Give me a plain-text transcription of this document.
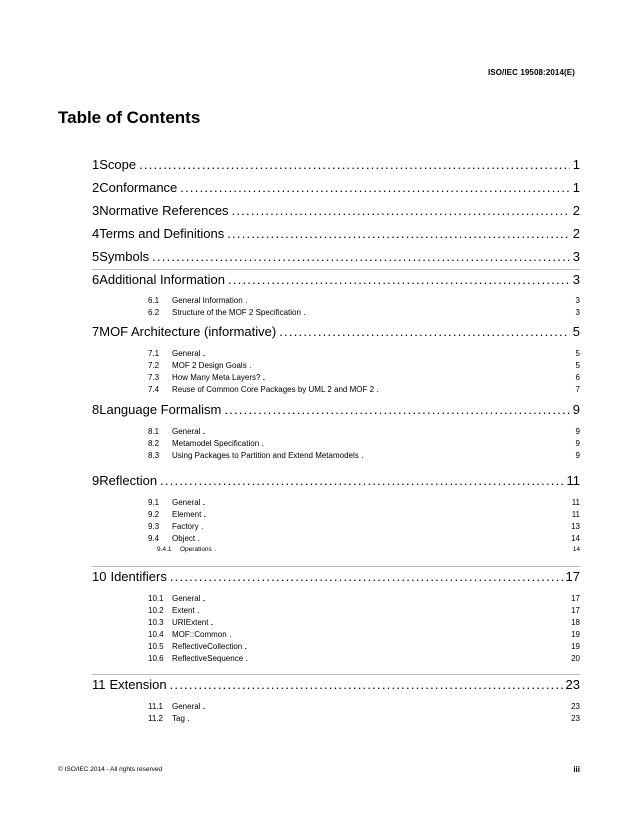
ISO/IEC 19508:2014(E)
Table of Contents
1 Scope . . .	1
2 Conformance . . .	1
3 Normative References . . .	2
4 Terms and Definitions . . .	2
5 Symbols . . .	3
6 Additional Information . . .	3
6.1	General Information . . .	3
6.2	Structure of the MOF 2 Specification . . .	3
7 MOF Architecture (informative) . . .	5
7.1	General . . .	5
7.2	MOF 2 Design Goals . . .	5
7.3	How Many Meta Layers? . . .	6
7.4	Reuse of Common Core Packages by UML 2 and MOF 2 . . .	7
8 Language Formalism . . .	9
8.1	General . . .	9
8.2	Metamodel Specification . . .	9
8.3	Using Packages to Partition and Extend Metamodels . . .	9
9 Reflection . . .	11
9.1	General . . .	11
9.2	Element . . .	11
9.3	Factory . . .	13
9.4	Object . . .	14
9.4.1	Operations . . .	14
10 Identifiers . . .	17
10.1	General . . .	17
10.2	Extent . . .	17
10.3	URIExtent . . .	18
10.4	MOF::Common . . .	19
10.5	ReflectiveCollection . . .	19
10.6	ReflectiveSequence . . .	20
11 Extension . . .	23
11.1	General . . .	23
11.2	Tag . . .	23
© ISO/IEC 2014 - All rights reserved	iii
